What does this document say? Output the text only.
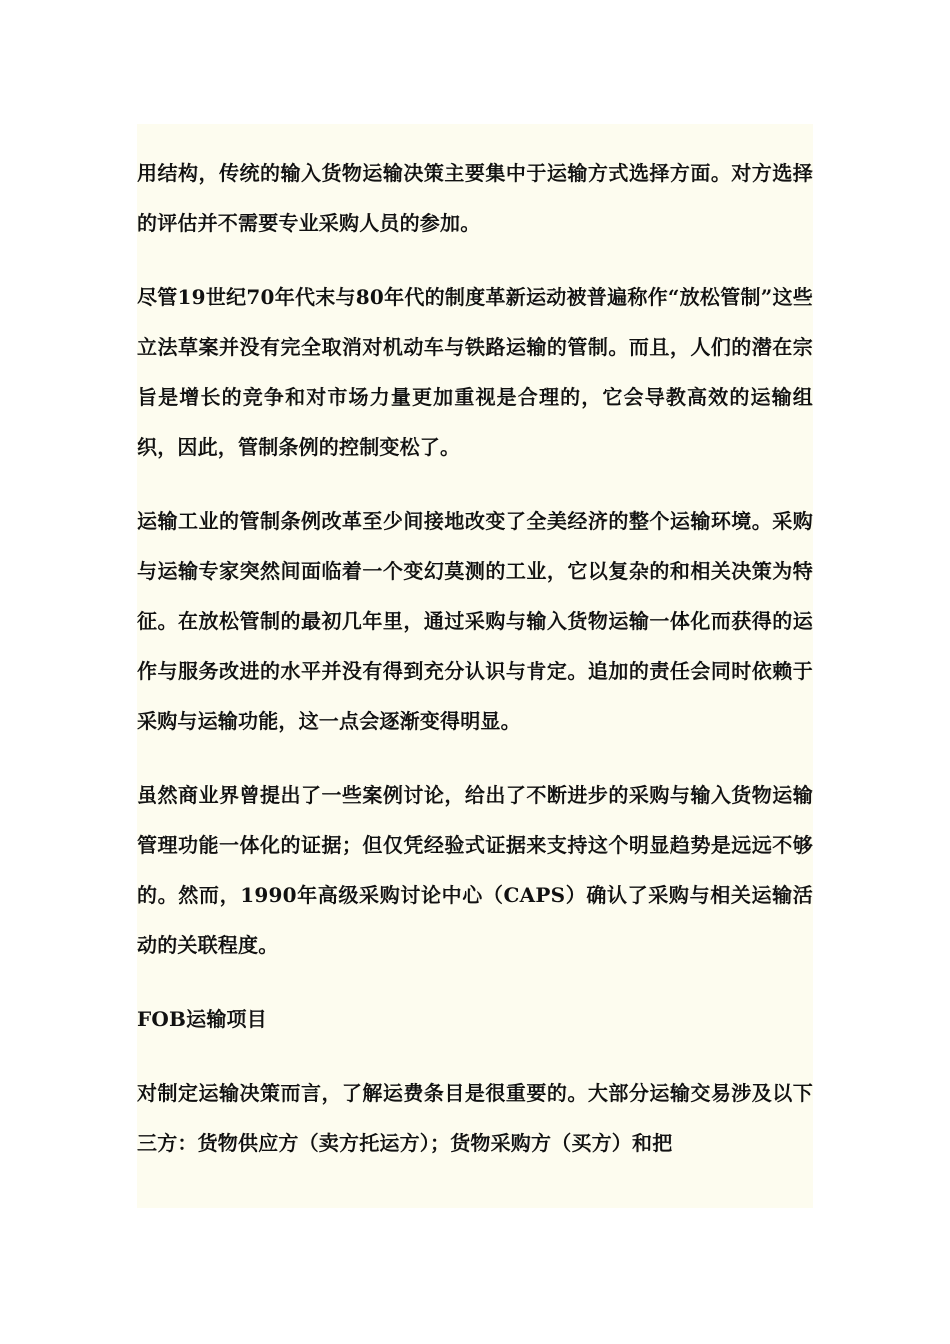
用结构，传统的输入货物运输决策主要集中于运输方式选择方面。对方选择的评估并不需要专业采购人员的参加。

尽管19世纪70年代末与80年代的制度革新运动被普遍称作“放松管制”这些立法草案并没有完全取消对机动车与铁路运输的管制。而且，人们的潜在宗旨是增长的竞争和对市场力量更加重视是合理的，它会导教高效的运输组织，因此，管制条例的控制变松了。

运输工业的管制条例改革至少间接地改变了全美经济的整个运输环境。采购与运输专家突然间面临着一个变幻莫测的工业，它以复杂的和相关决策为特征。在放松管制的最初几年里，通过采购与输入货物运输一体化而获得的运作与服务改进的水平并没有得到充分认识与肯定。追加的责任会同时依赖于采购与运输功能，这一点会逐渐变得明显。

虽然商业界曾提出了一些案例讨论，给出了不断进步的采购与输入货物运输管理功能一体化的证据；但仅凭经验式证据来支持这个明显趋势是远远不够的。然而，1990年高级采购讨论中心（CAPS）确认了采购与相关运输活动的关联程度。

FOB运输项目

对制定运输决策而言，了解运费条目是很重要的。大部分运输交易涉及以下三方：货物供应方（卖方托运方）；货物采购方（买方）和把
